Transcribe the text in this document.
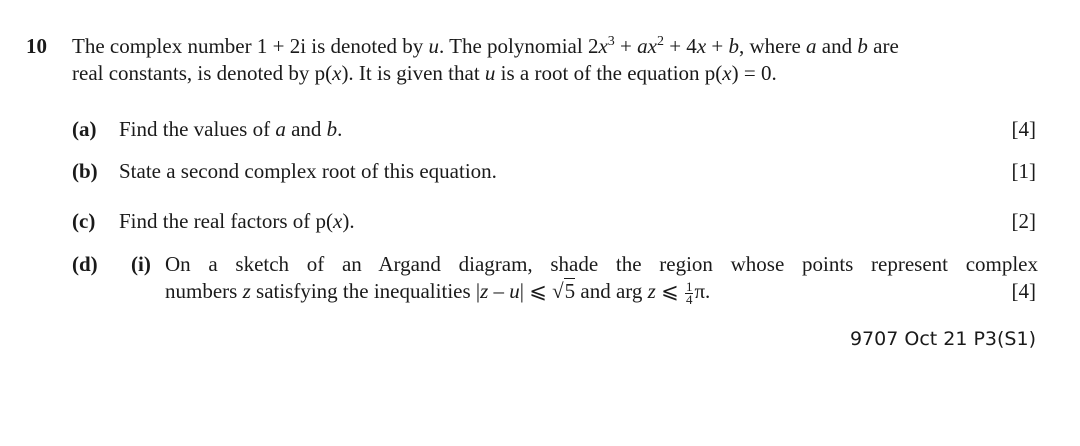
10 The complex number 1 + 2i is denoted by u. The polynomial $2x^3 + ax^2 + 4x + b$, where a and b are
real constants, is denoted by p(x). It is given that u is a root of the equation p(x) = 0.
(a) Find the values of a and b.	[4]
(b) State a second complex root of this equation.	[1]
(c) Find the real factors of p(x).	[2]
(d) (i) On a sketch of an Argand diagram, shade the region whose points represent complex
numbers z satisfying the inequalities |z – u| ⩽ √5 and arg z ⩽ $\frac{1}{4} \pi$.	[4]
9707 Oct 21 P3(S1)
